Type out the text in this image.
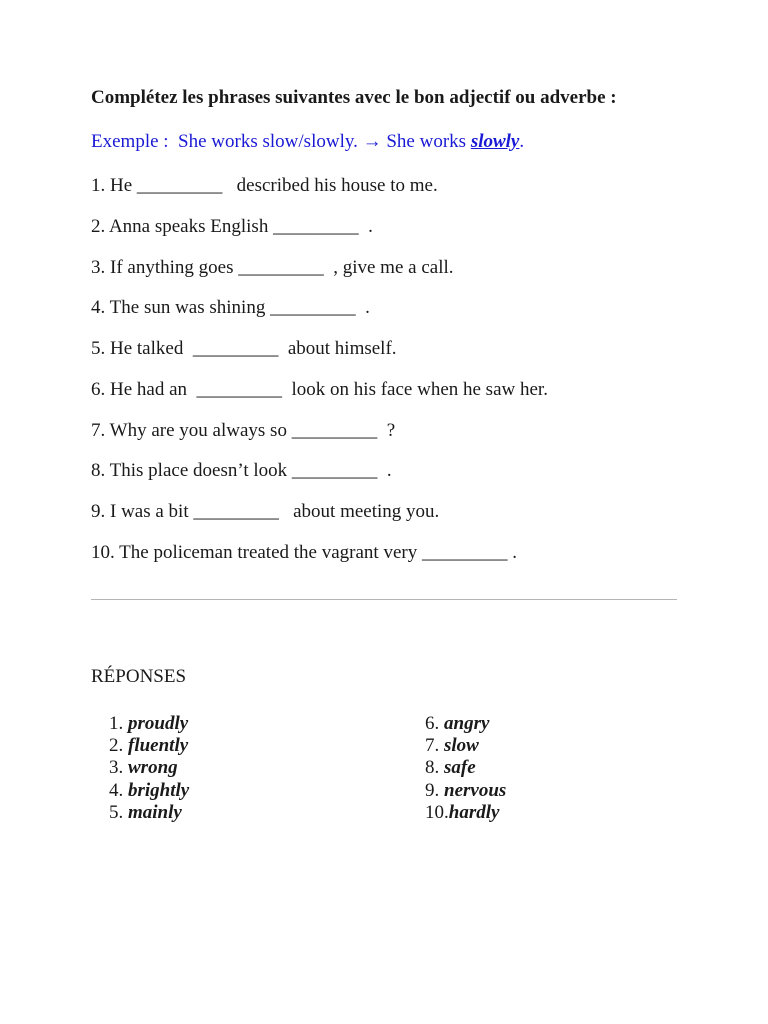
Complétez les phrases suivantes avec le bon adjectif ou adverbe :
Exemple :  She works slow/slowly. → She works slowly.
1. He _________   described his house to me.
2. Anna speaks English _________  .
3. If anything goes _________  , give me a call.
4. The sun was shining _________  .
5. He talked  _________  about himself.
6. He had an  _________  look on his face when he saw her.
7. Why are you always so _________  ?
8. This place doesn’t look _________  .
9. I was a bit _________   about meeting you.
10. The policeman treated the vagrant very _________ .
RÉPONSES
1. proudly
2. fluently
3. wrong
4. brightly
5. mainly
6. angry
7. slow
8. safe
9. nervous
10.hardly
